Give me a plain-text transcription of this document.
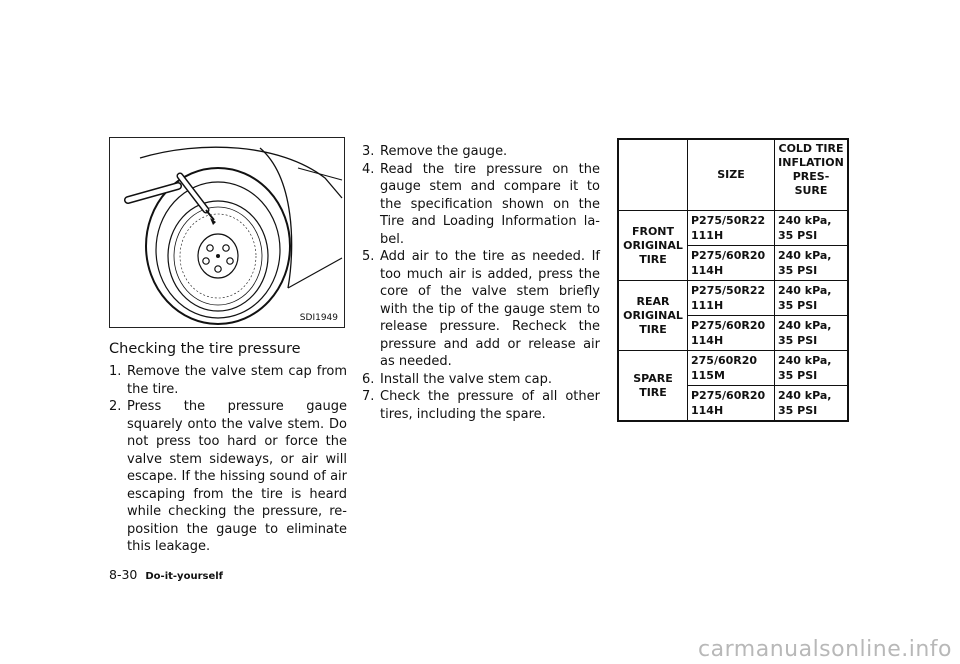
SDI1949
Checking the tire pressure
1. Remove the valve stem cap from the tire.
2. Press the pressure gauge squarely onto the valve stem. Do not press too hard or force the valve stem sideways, or air will escape. If the hissing sound of air escaping from the tire is heard while checking the pressure, re-position the gauge to eliminate this leakage.
3. Remove the gauge.
4. Read the tire pressure on the gauge stem and compare it to the specification shown on the Tire and Loading Information la-bel.
5. Add air to the tire as needed. If too much air is added, press the core of the valve stem briefly with the tip of the gauge stem to release pressure. Recheck the pressure and add or release air as needed.
6. Install the valve stem cap.
7. Check the pressure of all other tires, including the spare.
	SIZE	COLD TIRE INFLATION PRES-SURE
FRONT ORIGINAL TIRE	P275/50R22 111H	240 kPa, 35 PSI
	P275/60R20 114H	240 kPa, 35 PSI
REAR ORIGINAL TIRE	P275/50R22 111H	240 kPa, 35 PSI
	P275/60R20 114H	240 kPa, 35 PSI
SPARE TIRE	275/60R20 115M	240 kPa, 35 PSI
	P275/60R20 114H	240 kPa, 35 PSI
8-30 Do-it-yourself
carmanualsonline.info
